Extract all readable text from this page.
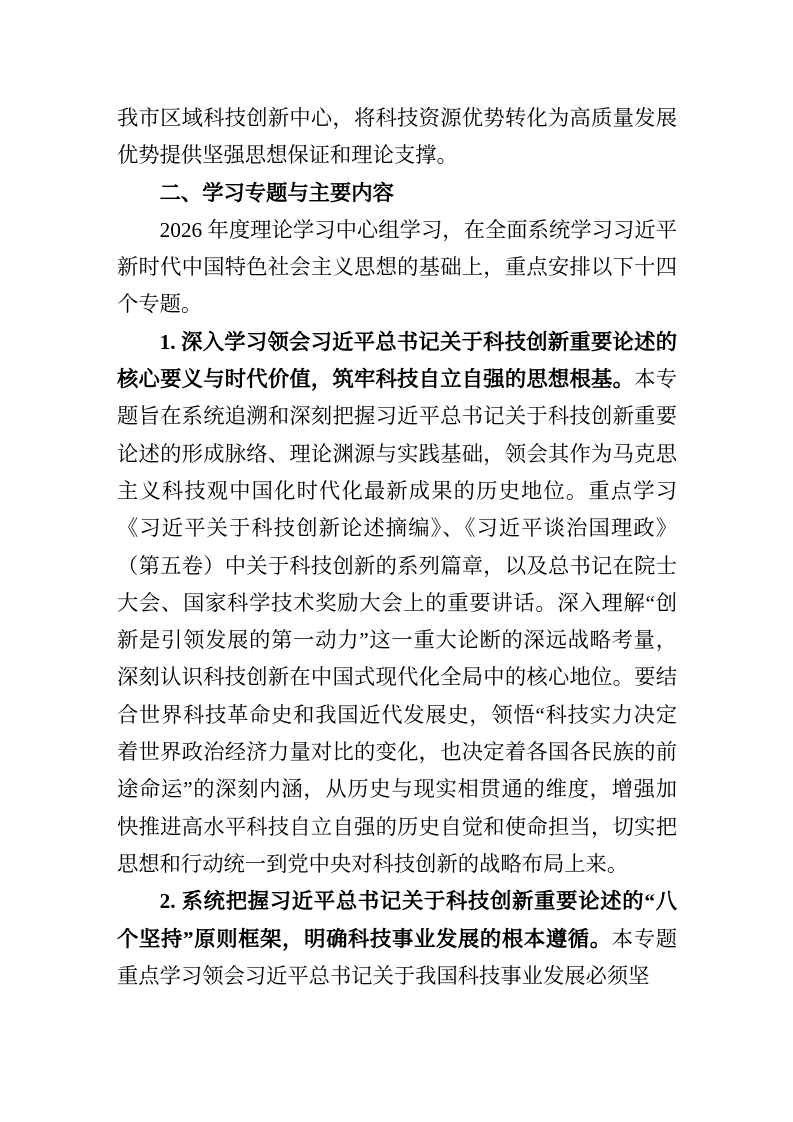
我市区域科技创新中心，将科技资源优势转化为高质量发展优势提供坚强思想保证和理论支撑。

二、学习专题与主要内容

2026 年度理论学习中心组学习，在全面系统学习习近平新时代中国特色社会主义思想的基础上，重点安排以下十四个专题。

1. 深入学习领会习近平总书记关于科技创新重要论述的核心要义与时代价值，筑牢科技自立自强的思想根基。本专题旨在系统追溯和深刻把握习近平总书记关于科技创新重要论述的形成脉络、理论渊源与实践基础，领会其作为马克思主义科技观中国化时代化最新成果的历史地位。重点学习《习近平关于科技创新论述摘编》、《习近平谈治国理政》（第五卷）中关于科技创新的系列篇章，以及总书记在院士大会、国家科学技术奖励大会上的重要讲话。深入理解“创新是引领发展的第一动力”这一重大论断的深远战略考量，深刻认识科技创新在中国式现代化全局中的核心地位。要结合世界科技革命史和我国近代发展史，领悟“科技实力决定着世界政治经济力量对比的变化，也决定着各国各民族的前途命运”的深刻内涵，从历史与现实相贯通的维度，增强加快推进高水平科技自立自强的历史自觉和使命担当，切实把思想和行动统一到党中央对科技创新的战略布局上来。

2. 系统把握习近平总书记关于科技创新重要论述的“八个坚持”原则框架，明确科技事业发展的根本遵循。本专题重点学习领会习近平总书记关于我国科技事业发展必须坚
